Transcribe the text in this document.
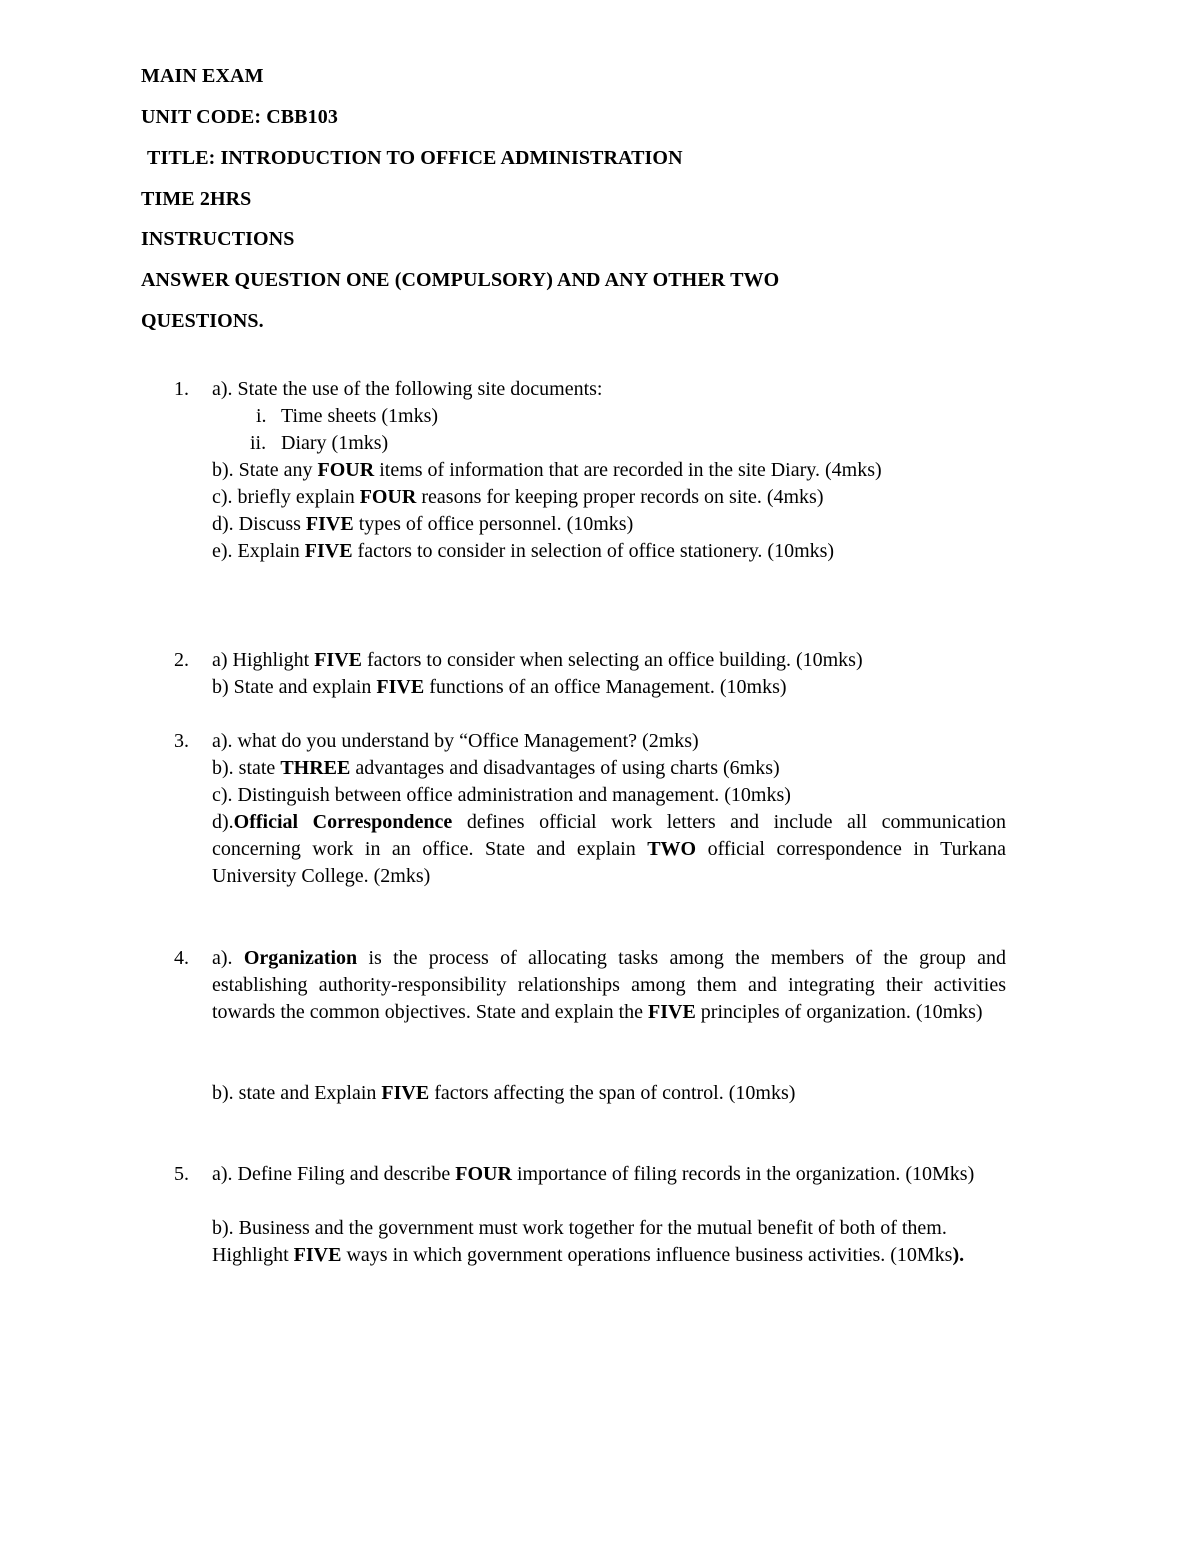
MAIN EXAM
UNIT CODE: CBB103
TITLE: INTRODUCTION TO OFFICE ADMINISTRATION
TIME 2HRS
INSTRUCTIONS
ANSWER QUESTION ONE (COMPULSORY) AND ANY OTHER TWO
QUESTIONS.
1. a). State the use of the following site documents:
i. Time sheets (1mks)
ii. Diary (1mks)
b). State any FOUR items of information that are recorded in the site Diary. (4mks)
c). briefly explain FOUR reasons for keeping proper records on site. (4mks)
d). Discuss FIVE types of office personnel. (10mks)
e). Explain FIVE factors to consider in selection of office stationery. (10mks)
2. a) Highlight FIVE factors to consider when selecting an office building. (10mks)
b) State and explain FIVE functions of an office Management. (10mks)
3. a). what do you understand by “Office Management? (2mks)
b). state THREE advantages and disadvantages of using charts (6mks)
c). Distinguish between office administration and management. (10mks)
d).Official Correspondence defines official work letters and include all communication concerning work in an office. State and explain TWO official correspondence in Turkana University College. (2mks)
4. a). Organization is the process of allocating tasks among the members of the group and establishing authority-responsibility relationships among them and integrating their activities towards the common objectives. State and explain the FIVE principles of organization. (10mks)
b). state and Explain FIVE factors affecting the span of control. (10mks)
5. a). Define Filing and describe FOUR importance of filing records in the organization. (10Mks)
b). Business and the government must work together for the mutual benefit of both of them. Highlight FIVE ways in which government operations influence business activities. (10Mks).
